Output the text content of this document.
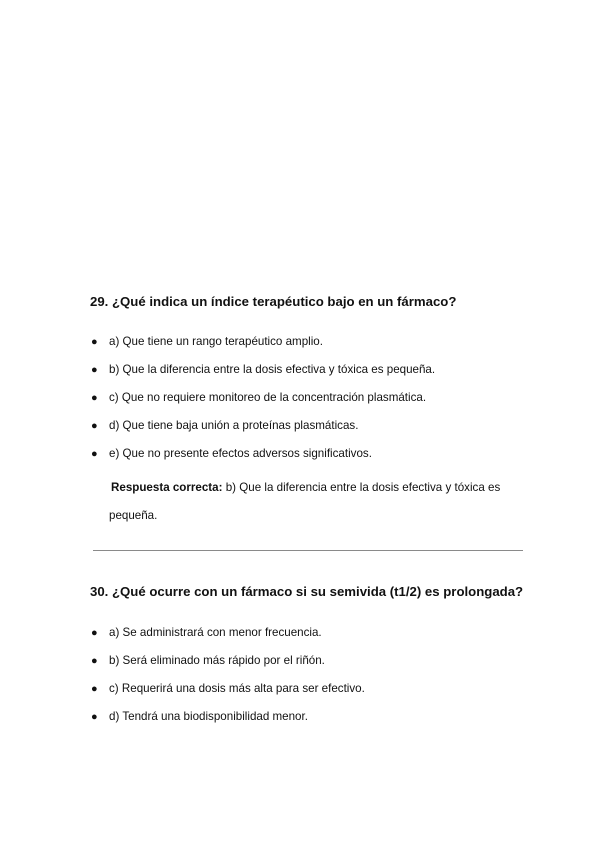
29. ¿Qué indica un índice terapéutico bajo en un fármaco?
● a) Que tiene un rango terapéutico amplio.
● b) Que la diferencia entre la dosis efectiva y tóxica es pequeña.
● c) Que no requiere monitoreo de la concentración plasmática.
● d) Que tiene baja unión a proteínas plasmáticas.
● e) Que no presente efectos adversos significativos.
Respuesta correcta: b) Que la diferencia entre la dosis efectiva y tóxica es pequeña.
30. ¿Qué ocurre con un fármaco si su semivida (t1/2) es prolongada?
● a) Se administrará con menor frecuencia.
● b) Será eliminado más rápido por el riñón.
● c) Requerirá una dosis más alta para ser efectivo.
● d) Tendrá una biodisponibilidad menor.
